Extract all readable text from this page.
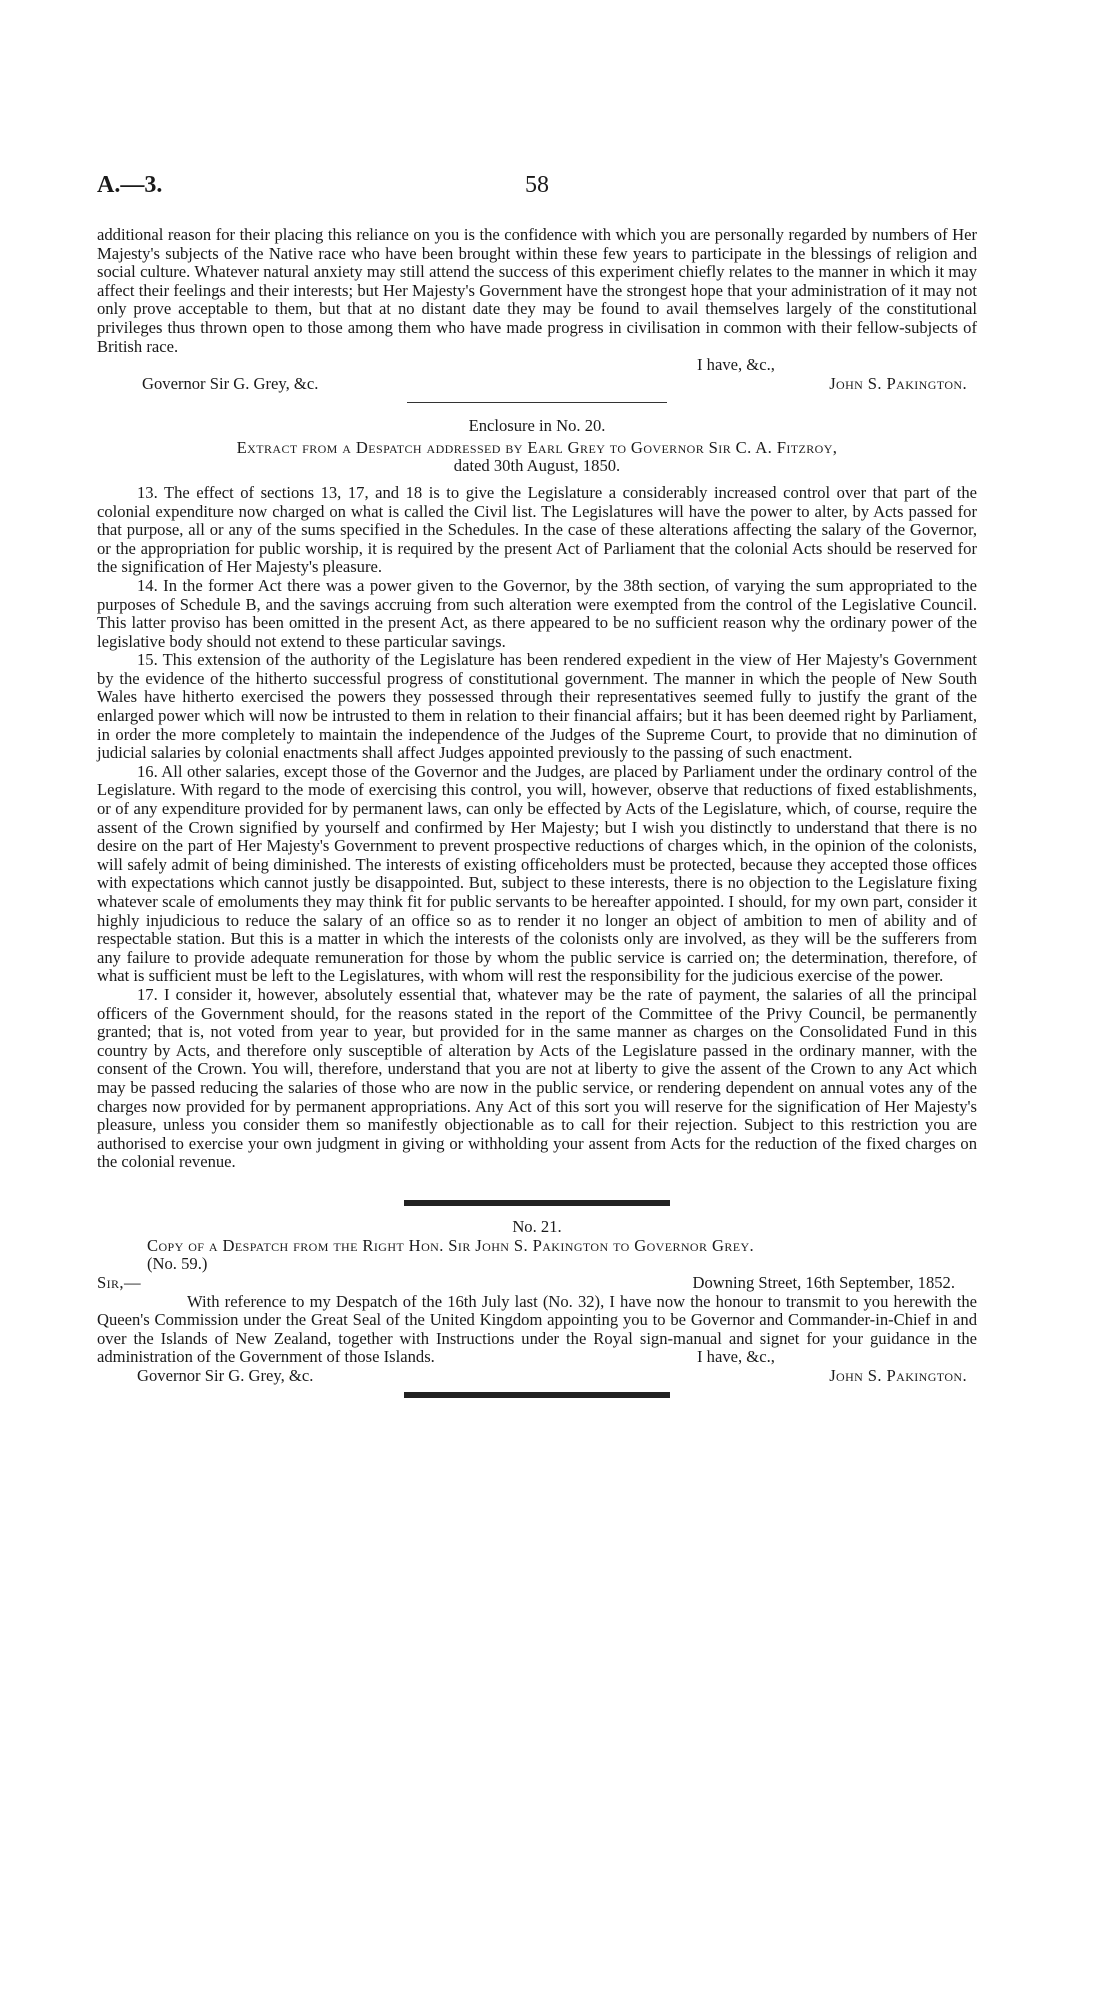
A.—3.	58

additional reason for their placing this reliance on you is the confidence with which you are personally regarded by numbers of Her Majesty's subjects of the Native race who have been brought within these few years to participate in the blessings of religion and social culture. Whatever natural anxiety may still attend the success of this experiment chiefly relates to the manner in which it may affect their feelings and their interests; but Her Majesty's Government have the strongest hope that your administration of it may not only prove acceptable to them, but that at no distant date they may be found to avail themselves largely of the constitutional privileges thus thrown open to those among them who have made progress in civilisation in common with their fellow-subjects of British race.

I have, &c.,
Governor Sir G. Grey, &c.	John S. Pakington.
Enclosure in No. 20.
Extract from a Despatch addressed by Earl Grey to Governor Sir C. A. Fitzroy,
dated 30th August, 1850.

13. The effect of sections 13, 17, and 18 is to give the Legislature a considerably increased control over that part of the colonial expenditure now charged on what is called the Civil list. The Legislatures will have the power to alter, by Acts passed for that purpose, all or any of the sums specified in the Schedules. In the case of these alterations affecting the salary of the Governor, or the appropriation for public worship, it is required by the present Act of Parliament that the colonial Acts should be reserved for the signification of Her Majesty's pleasure.

14. In the former Act there was a power given to the Governor, by the 38th section, of varying the sum appropriated to the purposes of Schedule B, and the savings accruing from such alteration were exempted from the control of the Legislative Council. This latter proviso has been omitted in the present Act, as there appeared to be no sufficient reason why the ordinary power of the legislative body should not extend to these particular savings.

15. This extension of the authority of the Legislature has been rendered expedient in the view of Her Majesty's Government by the evidence of the hitherto successful progress of constitutional government. The manner in which the people of New South Wales have hitherto exercised the powers they possessed through their representatives seemed fully to justify the grant of the enlarged power which will now be intrusted to them in relation to their financial affairs; but it has been deemed right by Parliament, in order the more completely to maintain the independence of the Judges of the Supreme Court, to provide that no diminution of judicial salaries by colonial enactments shall affect Judges appointed previously to the passing of such enactment.

16. All other salaries, except those of the Governor and the Judges, are placed by Parliament under the ordinary control of the Legislature. With regard to the mode of exercising this control, you will, however, observe that reductions of fixed establishments, or of any expenditure provided for by permanent laws, can only be effected by Acts of the Legislature, which, of course, require the assent of the Crown signified by yourself and confirmed by Her Majesty; but I wish you distinctly to understand that there is no desire on the part of Her Majesty's Government to prevent prospective reductions of charges which, in the opinion of the colonists, will safely admit of being diminished. The interests of existing officeholders must be protected, because they accepted those offices with expectations which cannot justly be disappointed. But, subject to these interests, there is no objection to the Legislature fixing whatever scale of emoluments they may think fit for public servants to be hereafter appointed. I should, for my own part, consider it highly injudicious to reduce the salary of an office so as to render it no longer an object of ambition to men of ability and of respectable station. But this is a matter in which the interests of the colonists only are involved, as they will be the sufferers from any failure to provide adequate remuneration for those by whom the public service is carried on; the determination, therefore, of what is sufficient must be left to the Legislatures, with whom will rest the responsibility for the judicious exercise of the power.

17. I consider it, however, absolutely essential that, whatever may be the rate of payment, the salaries of all the principal officers of the Government should, for the reasons stated in the report of the Committee of the Privy Council, be permanently granted; that is, not voted from year to year, but provided for in the same manner as charges on the Consolidated Fund in this country by Acts, and therefore only susceptible of alteration by Acts of the Legislature passed in the ordinary manner, with the consent of the Crown. You will, therefore, understand that you are not at liberty to give the assent of the Crown to any Act which may be passed reducing the salaries of those who are now in the public service, or rendering dependent on annual votes any of the charges now provided for by permanent appropriations. Any Act of this sort you will reserve for the signification of Her Majesty's pleasure, unless you consider them so manifestly objectionable as to call for their rejection. Subject to this restriction you are authorised to exercise your own judgment in giving or withholding your assent from Acts for the reduction of the fixed charges on the colonial revenue.

No. 21.
Copy of a Despatch from the Right Hon. Sir John S. Pakington to Governor Grey.
(No. 59.)
Sir,—	Downing Street, 16th September, 1852.

With reference to my Despatch of the 16th July last (No. 32), I have now the honour to transmit to you herewith the Queen's Commission under the Great Seal of the United Kingdom appointing you to be Governor and Commander-in-Chief in and over the Islands of New Zealand, together with Instructions under the Royal sign-manual and signet for your guidance in the administration of the Government of those Islands.	I have, &c.,
Governor Sir G. Grey, &c.	John S. Pakington.
